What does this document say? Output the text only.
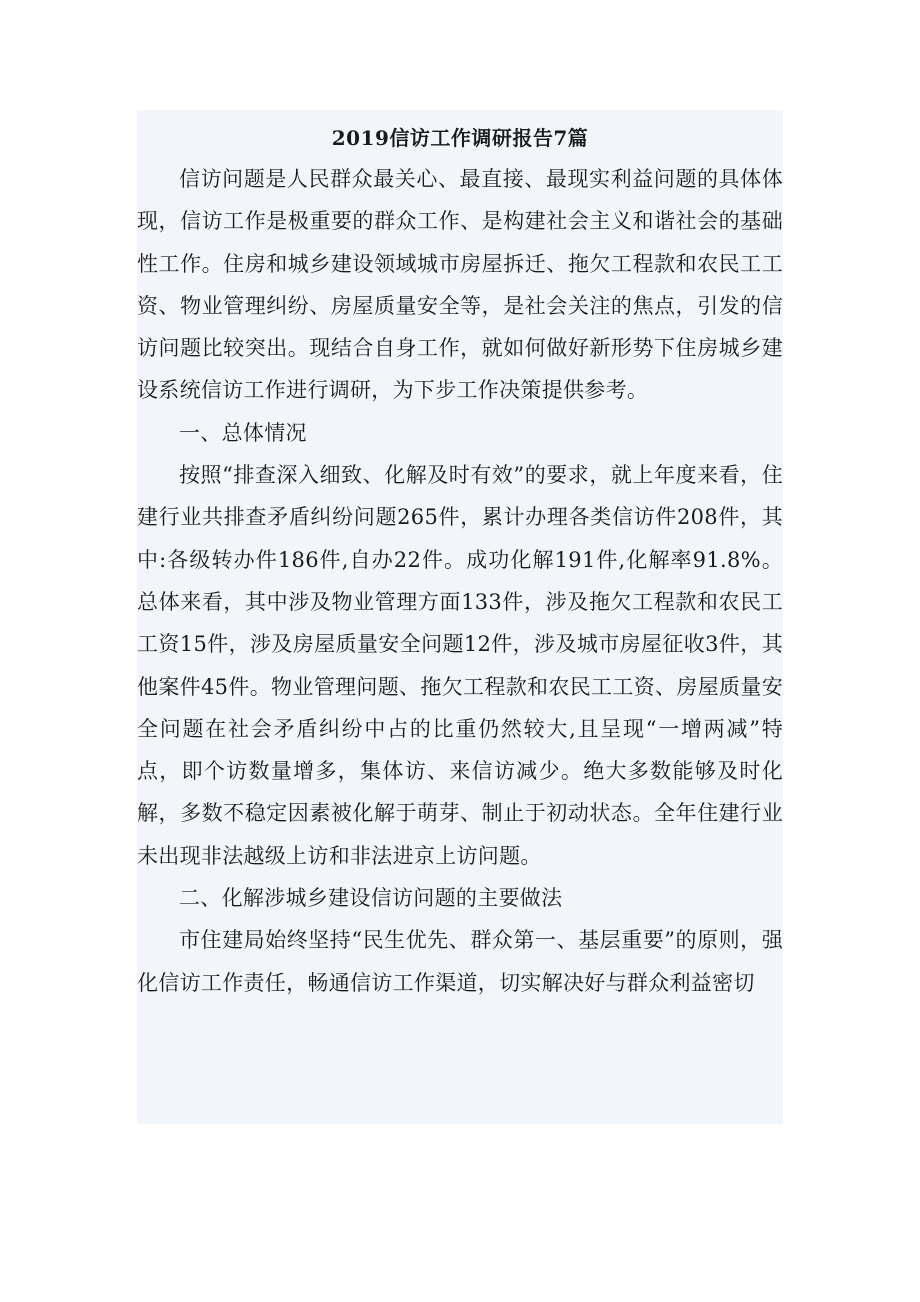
2019信访工作调研报告7篇

信访问题是人民群众最关心、最直接、最现实利益问题的具体体现，信访工作是极重要的群众工作、是构建社会主义和谐社会的基础性工作。住房和城乡建设领域城市房屋拆迁、拖欠工程款和农民工工资、物业管理纠纷、房屋质量安全等，是社会关注的焦点，引发的信访问题比较突出。现结合自身工作，就如何做好新形势下住房城乡建设系统信访工作进行调研，为下步工作决策提供参考。

一、总体情况

按照“排查深入细致、化解及时有效”的要求，就上年度来看，住建行业共排查矛盾纠纷问题265件，累计办理各类信访件208件，其中:各级转办件186件,自办22件。成功化解191件,化解率91.8%。总体来看，其中涉及物业管理方面133件，涉及拖欠工程款和农民工工资15件，涉及房屋质量安全问题12件，涉及城市房屋征收3件，其他案件45件。物业管理问题、拖欠工程款和农民工工资、房屋质量安全问题在社会矛盾纠纷中占的比重仍然较大,且呈现“一增两减”特点，即个访数量增多，集体访、来信访减少。绝大多数能够及时化解，多数不稳定因素被化解于萌芽、制止于初动状态。全年住建行业未出现非法越级上访和非法进京上访问题。

二、化解涉城乡建设信访问题的主要做法

市住建局始终坚持“民生优先、群众第一、基层重要”的原则，强化信访工作责任，畅通信访工作渠道，切实解决好与群众利益密切
